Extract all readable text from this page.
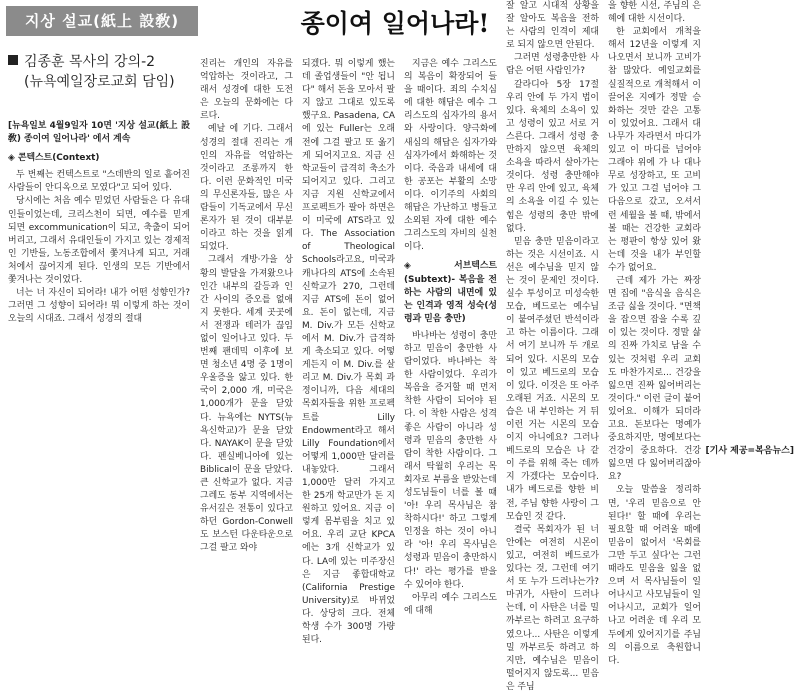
지상 설교(紙上 設敎)	종이여 일어나라!
김종훈 목사의 강의-2
(뉴욕예일장로교회 담임)

[뉴욕일보 4월9일자 10면 '지상 설교(紙上 設敎) 종이여 일어나라' 에서 계속

◈ 콘텍스트(Context)

두 번째는 컨텍스트로 "스데반의 일로 흩어진 사람들이 안디옥으로 모였다"고 되어 있다.

당시에는 처음 예수 믿었던 사람들은 다 유대인들이었는데, 크리스천이 되면, 예수를 믿게 되면 excommunication이 되고, 축출이 되어버리고, 그래서 유대인들이 가지고 있는 경제적인 기반들, 노동조합에서 쫓겨나게 되고, 거래처에서 끊어지게 된다. 인생의 모든 기반에서 쫓겨나는 것이었다.

너는 너 자신이 되어라! 내가 어떤 성향인가? 그러면 그 성향이 되어라! 뭐 이렇게 하는 것이 오늘의 시대죠. 그래서 성경의 절대

진리는 개인의 자유를 억압하는 것이라고, 그래서 성경에 대한 도전은 오늘의 문화에는 다르다.

예날 에 기다. 그래서 성경의 절대 진리는 개인의 자유를 억압하는 것이라고 조롱까지 한다. 이런 문화적인 미국의 무신론자들, 많은 사람들이 기독교에서 무신론자가 된 것이 대부분이라고 하는 것을 읽게 되었다.

그래서 개방·가을 상황의 발달을 가져왔으나 인간 내부의 갈등과 인간 사이의 증오를 없애지 못한다. 세계 곳곳에서 전쟁과 테러가 끊임없이 일어나고 있다. 두 번째 팬데믹 이후에 보면 청소년 4명 중 1명이 우울증을 앓고 있다. 한국이 2,000 개, 미국은 1,000개가 문을 닫았다. 뉴욕에는 NYTS(뉴욕신학교)가 문을 닫았다. NAYAK이 문을 닫았다. 펜실베니아에 있는 Biblical이 문을 닫았다. 큰 신학교가 없다. 지금 그레도 동부 지역에서는 유서깊은 전통이 있다고 하던 Gordon-Conwell도 보스턴 다운타운으로 그걸 팔고 와야

되겠다. 뭐 이렇게 했는데 졸업생들이 "안 됩니다" 해서 돈을 모아서 팔지 않고 그대로 있도록 했구요. Pasadena, CA에 있는 Fuller는 오래 전에 그걸 팔고 또 옮기게 되어지고요. 지금 신학교들이 급격히 축소가 되어지고 있다. 그리고 지금 지원 신학교에서 프로펙트가 팔아 하면은 이 미국에 ATS라고 있다. The Association of Theological Schools라고요, 미국과 캐나다의 ATS에 소속된 신학교가 270, 그런데 지금 ATS에 돈이 없어요. 돈이 없는데, 지금 M. Div.가 모든 신학교에서 M. Div.가 급격하게 축소되고 있다. 어떻게든지 이 M. Div.를 살리고 M. Div.가 목회 과정이니까, 다음 세대의 목회자들을 위한 프로펙트를 Lilly Endowment라고 해서 Lilly Foundation에서 어떻게 1,000만 달러를 내놓았다. 그래서 1,000만 달러 가지고 한 25개 학교만가 돈 지원하고 있어요. 지금 이렇게 몸부림을 치고 있어요. 우리 교단 KPCA에는 3개 신학교가 있다. LA에 있는 미주장신은 지금 좋합대학교(California Prestige University)로 바뀌었다. 상당히 크다. 전체 학생 수가 300명 가량 된다.

지금은 예수 그리스도의 복음이 확장되어 들을 때이다. 죄의 수치심에 대한 해답은 예수 그리스도의 십자가의 용서와 사랑이다. 양극화에 새심의 해답은 십자가와 심자가에서 화해하는 것이다. 죽음과 내세에 대한 공포는 부활의 소망이다. 이기주의 사회의 해답은 가난하고 병들고 소외된 자에 대한 예수 그리스도의 자비의 실천이다.

◈ 서브텍스트(Subtext)- 복음을 전하는 사람의 내면에 있는 인격과 영적 성숙(성령과 믿음 충만)

바나바는 성령이 충만하고 믿음이 충만한 사람이었다. 바나바는 착한 사람이었다. 우리가 복음을 증거할 때 먼저 착한 사람이 되어야 된다. 이 착한 사람은 성격 좋은 사람이 아니라 성령과 믿음의 충만한 사람이 착한 사람이다. 그래서 탁월히 우리는 목회자로 부름을 받았는데 성도님들이 너를 볼 때 '아! 우리 목사님은 참 착하시다!' 하고 그렇게 인정을 하는 것이 아니라 '아! 우리 목사님은 성령과 믿음이 충만하시다!' 라는 평가를 받을 수 있어야 한다.

아무리 예수 그리스도에 대해

잘 알고 시대적 상황을 잘 알아도 복음을 전하는 사람의 인격이 제대로 되지 않으면 안된다.

그러면 성령충만한 사람은 어떤 사람인가?

갈라디아 5장 17절 우리 안에 두 가지 법이 있다. 육체의 소욕이 있고 성령이 있고 서로 거스른다. 그래서 성령 충만하지 않으면 육체의 소욕을 따라서 살아가는 것이다. 성령 충만해야만 우리 안에 있고, 육체의 소욕을 이길 수 있는 힘은 성령의 충만 밖에 없다.

믿음 충만 믿음이라고 하는 것은 시선이죠. 시선은 예수님을 믿지 않는 것이 문제인 것이다. 실수 투성이고 미성숙한 모습, 베드로는 예수님이 붙여주셨던 반석이라고 하는 이름이다. 그래서 여기 보니까 두 개로 되어 있다. 시몬의 모습이 있고 베드로의 모습이 있다. 이것은 또 아주 오래된 거죠. 시몬의 모습은 내 부인하는 거 뒤 이런 거는 시몬의 모습이지 아니에요? 그러나 베드로의 모습은 나 같이 주를 위해 죽는 데까지 가겠다는 모습이다. 내가 베드로를 향한 비전, 주님 향한 사랑이 그 모습인 것 같다.

결국 목회자가 된 너 안에는 여전히 시몬이 있고, 여전히 베드로가 있다는 것, 그런데 여기서 또 누가 드러나는가? 마귀가, 사탄이 드러나는데, 이 사탄은 너를 밀 까부르는 하려고 요구하였으나... 사탄은 이렇게 밀 까부르듯 하려고 하지만, 예수님은 믿음이 떨어지지 않도록... 믿음은 주님

을 향한 시선, 주님의 은혜에 대한 시선이다.

한 교회에서 개척을 해서 12년을 이렇게 지나오면서 보니까 고비가 참 많았다. 예일교회를 실질적으로 개척해서 이끌어온 지예가 정말 승화하는 것만 같은 고통이 있었어요. 그래서 대나무가 자라면서 마디가 있고 이 마디를 넘어야 그래야 위에 가 나 대나무로 성장하고, 또 고비가 있고 그걸 넘어야 그 다음으로 갔고, 오셔서 런 세월을 볼 때, 밖에서 볼 때는 건강한 교회라는 평판이 항상 있어 왔는데 것을 내가 부인할 수가 없어요.

근데 제가 가는 짜장면 집에 "음식을 음식은 조금 싫을 것이다. "면책을 잡으면 잡을 수록 깊이 있는 것이다. 정말 삶의 진짜 가치로 남을 수 있는 것처럼 우리 교회도 마찬가지로... 건강을 잃으면 진짜 잃어버리는 것이다." 이런 글이 붙어 있어요. 이해가 되더라고요. 돈보다는 명예가 중요하지만, 명예보다는 건강이 중요하다. 건강 잃으면 다 잃어버리잖아요?

오늘 말씀을 정리하면, '우리 믿음으로 안 된다!' 할 때에 우리는 필요할 때 어려울 때에 믿음이 없어서 '목회를 그만 두고 싶다'는 그런 때라도 믿음을 잃을 없으며 서 목사님들이 일어나시고 사모님들이 일어나시고, 교회가 일어나고 어려운 데 우리 모두에게 있어지기를 주님의 이름으로 축원합니다.

[기사 제공=복음뉴스]
